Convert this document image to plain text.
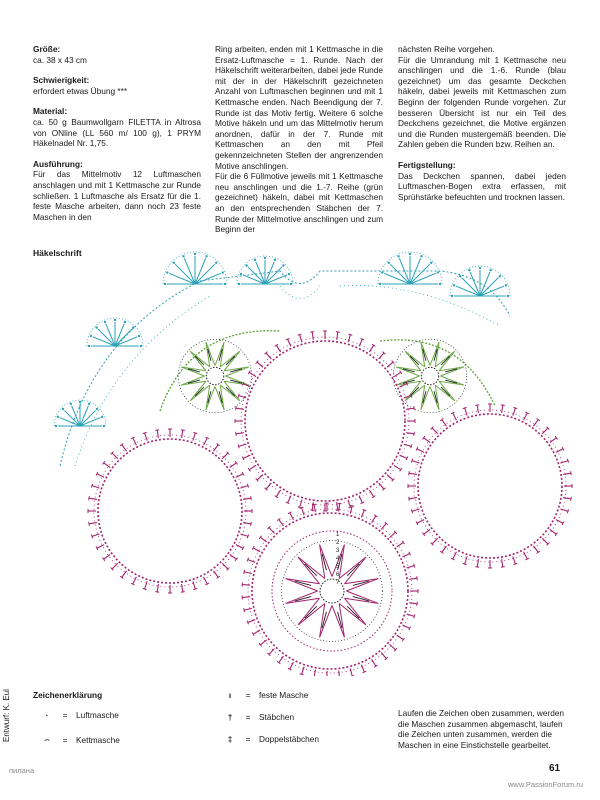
Größe:

ca. 38 x 43 cm

Schwierigkeit:

erfordert etwas Übung ***

Material:

ca. 50 g Baumwollgarn FILETTA in Altrosa von ONline (LL 560 m/ 100 g), 1 PRYM Häkelnadel Nr. 1,75.

Ausführung:

Für das Mittelmotiv 12 Luftmaschen anschlagen und mit 1 Kettmasche zur Runde schließen. 1 Luftmasche als Ersatz für die 1. feste Masche arbeiten, dann noch 23 feste Maschen in den

Ring arbeiten, enden mit 1 Kettmasche in die Ersatz-Luftmasche = 1. Runde. Nach der Häkelschrift weiterarbeiten, dabei jede Runde mit der in der Häkelschrift gezeichneten Anzahl von Luftmaschen beginnen und mit 1 Kettmasche enden. Nach Beendigung der 7. Runde ist das Motiv fertig. Weitere 6 solche Motive häkeln und um das Mittelmotiv herum anordnen, dafür in der 7. Runde mit Kettmaschen an den mit Pfeil gekennzeichneten Stellen der angrenzenden Motive anschlingen.

Für die 6 Füllmotive jeweils mit 1 Kettmasche neu anschlingen und die 1.-7. Reihe (grün gezeichnet) häkeln, dabei mit Kettmaschen an den entsprechenden Stäbchen der 7. Runde der Mittelmotive anschlingen und zum Beginn der

nächsten Reihe vorgehen.

Für die Umrandung mit 1 Kettmasche neu anschlingen und die 1.-6. Runde (blau gezeichnet) um das gesamte Deckchen häkeln, dabei jeweils mit Kettmaschen zum Beginn der folgenden Runde vorgehen. Zur besseren Übersicht ist nur ein Teil des Deckchens gezeichnet, die Motive ergänzen und die Runden mustergemäß beenden. Die Zahlen geben die Runden bzw. Reihen an.

Fertigstellung:

Das Deckchen spannen, dabei jeden Luftmaschen-Bogen extra erfassen, mit Sprühstärke befeuchten und trocknen lassen.

Häkelschrift
1
2
3
4
5
6
7
Zeichenerklärung
·	=	Luftmasche
⌢	=	Kettmasche
ı	=	feste Masche
†	=	Stäbchen
‡	=	Doppelstäbchen
Laufen die Zeichen oben zusammen, werden die Maschen zusammen abgemascht, laufen die Zeichen unten zusammen, werden die Maschen in eine Einstichstelle gearbeitet.
Entwurf: K. Eul
пилана	61
www.PassionForum.ru
